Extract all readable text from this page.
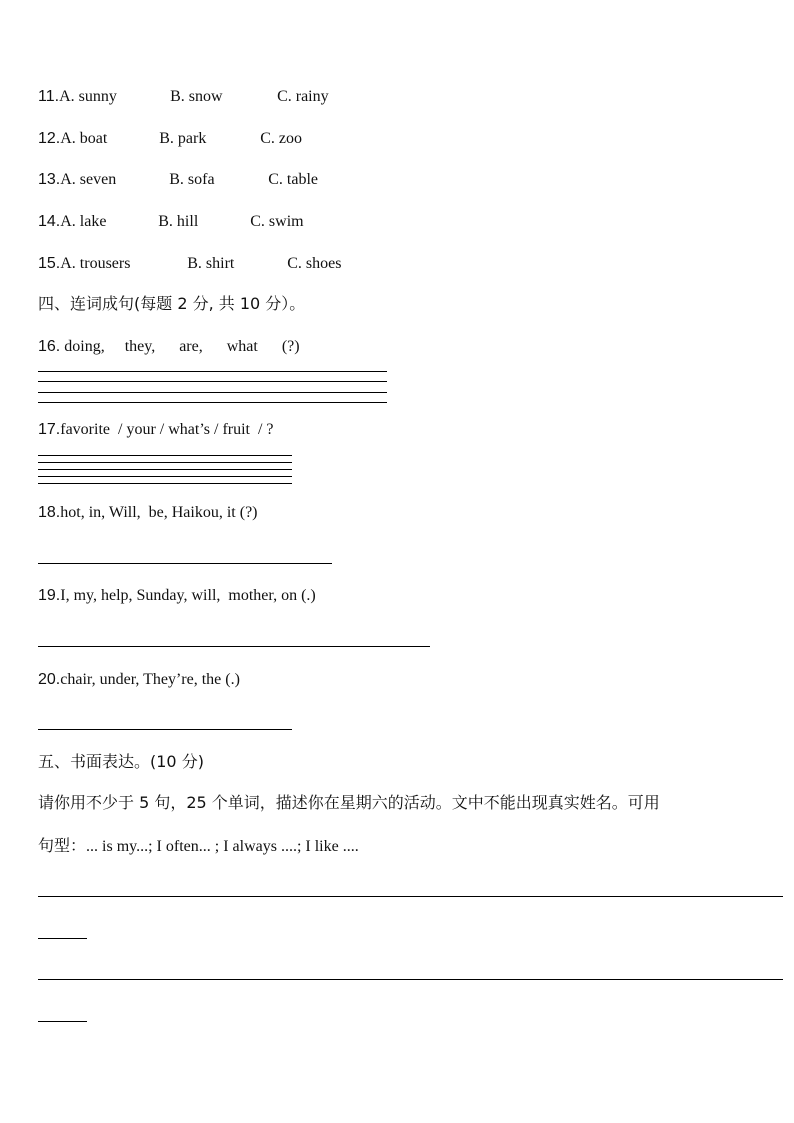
11.A. sunny	B. snow	C. rainy
12.A. boat	B. park	C. zoo
13.A. seven	B. sofa	C. table
14.A. lake	B. hill	C. swim
15.A. trousers	B. shirt	C. shoes
四、连词成句(每题 2 分, 共 10 分）。
16. doing,     they,      are,      what      (?)
17.favorite  / your / what’s / fruit  / ?
18.hot, in, Will,  be, Haikou, it (?)
19.I, my, help, Sunday, will,  mother, on (.)
20.chair, under, They’re, the (.)
五、书面表达。(10 分)
请你用不少于 5 句，25 个单词，描述你在星期六的活动。文中不能出现真实姓名。可用
句型：... is my...; I often... ; I always ....; I like ....
